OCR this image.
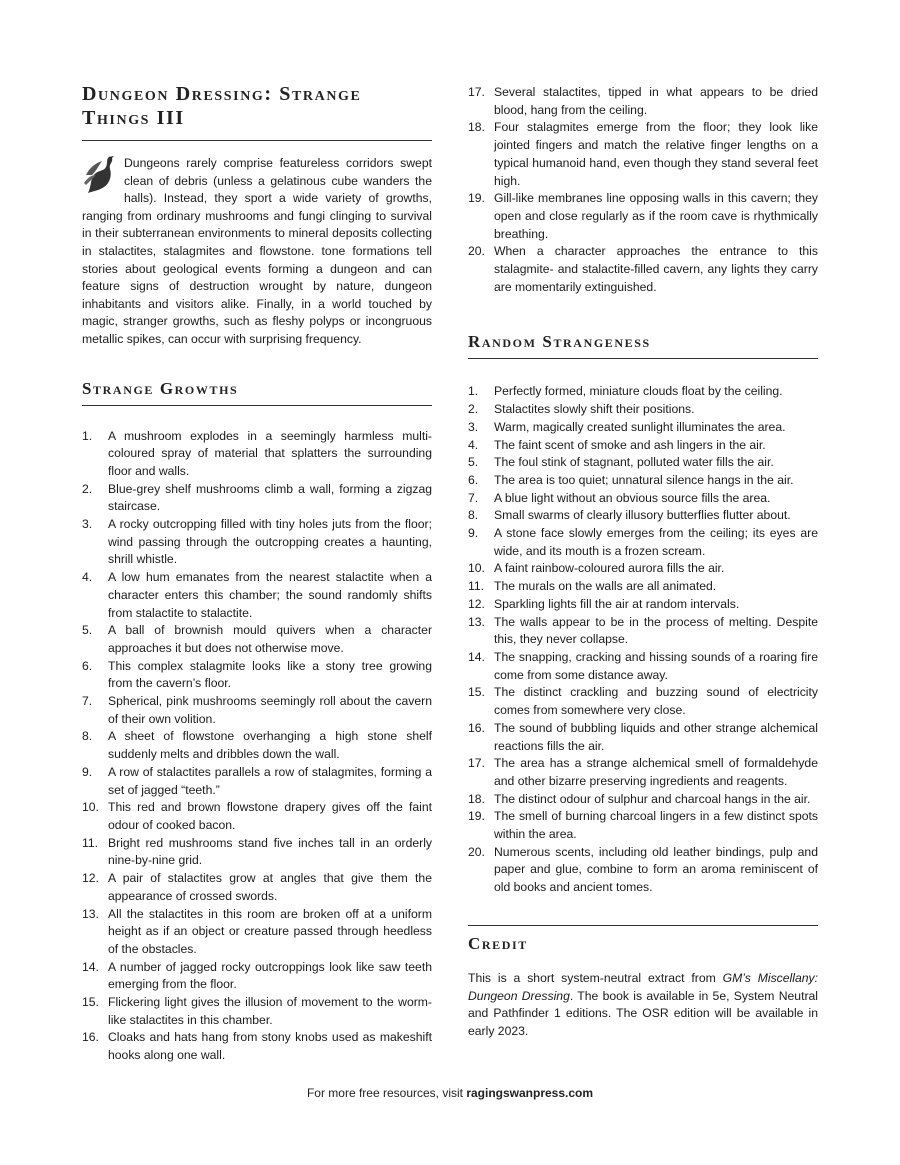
Dungeon Dressing: Strange Things III

Dungeons rarely comprise featureless corridors swept clean of debris (unless a gelatinous cube wanders the halls). Instead, they sport a wide variety of growths, ranging from ordinary mushrooms and fungi clinging to survival in their subterranean environments to mineral deposits collecting in stalactites, stalagmites and flowstone. tone formations tell stories about geological events forming a dungeon and can feature signs of destruction wrought by nature, dungeon inhabitants and visitors alike. Finally, in a world touched by magic, stranger growths, such as fleshy polyps or incongruous metallic spikes, can occur with surprising frequency.

Strange Growths
1.	A mushroom explodes in a seemingly harmless multi-coloured spray of material that splatters the surrounding floor and walls.
2.	Blue-grey shelf mushrooms climb a wall, forming a zigzag staircase.
3.	A rocky outcropping filled with tiny holes juts from the floor; wind passing through the outcropping creates a haunting, shrill whistle.
4.	A low hum emanates from the nearest stalactite when a character enters this chamber; the sound randomly shifts from stalactite to stalactite.
5.	A ball of brownish mould quivers when a character approaches it but does not otherwise move.
6.	This complex stalagmite looks like a stony tree growing from the cavern’s floor.
7.	Spherical, pink mushrooms seemingly roll about the cavern of their own volition.
8.	A sheet of flowstone overhanging a high stone shelf suddenly melts and dribbles down the wall.
9.	A row of stalactites parallels a row of stalagmites, forming a set of jagged “teeth.”
10. This red and brown flowstone drapery gives off the faint odour of cooked bacon.
11. Bright red mushrooms stand five inches tall in an orderly nine-by-nine grid.
12. A pair of stalactites grow at angles that give them the appearance of crossed swords.
13. All the stalactites in this room are broken off at a uniform height as if an object or creature passed through heedless of the obstacles.
14. A number of jagged rocky outcroppings look like saw teeth emerging from the floor.
15. Flickering light gives the illusion of movement to the worm-like stalactites in this chamber.
16. Cloaks and hats hang from stony knobs used as makeshift hooks along one wall.
17. Several stalactites, tipped in what appears to be dried blood, hang from the ceiling.
18. Four stalagmites emerge from the floor; they look like jointed fingers and match the relative finger lengths on a typical humanoid hand, even though they stand several feet high.
19. Gill-like membranes line opposing walls in this cavern; they open and close regularly as if the room cave is rhythmically breathing.
20. When a character approaches the entrance to this stalagmite- and stalactite-filled cavern, any lights they carry are momentarily extinguished.
Random Strangeness
1.	Perfectly formed, miniature clouds float by the ceiling.
2.	Stalactites slowly shift their positions.
3.	Warm, magically created sunlight illuminates the area.
4.	The faint scent of smoke and ash lingers in the air.
5.	The foul stink of stagnant, polluted water fills the air.
6.	The area is too quiet; unnatural silence hangs in the air.
7.	A blue light without an obvious source fills the area.
8.	Small swarms of clearly illusory butterflies flutter about.
9.	A stone face slowly emerges from the ceiling; its eyes are wide, and its mouth is a frozen scream.
10. A faint rainbow-coloured aurora fills the air.
11. The murals on the walls are all animated.
12. Sparkling lights fill the air at random intervals.
13. The walls appear to be in the process of melting. Despite this, they never collapse.
14. The snapping, cracking and hissing sounds of a roaring fire come from some distance away.
15. The distinct crackling and buzzing sound of electricity comes from somewhere very close.
16. The sound of bubbling liquids and other strange alchemical reactions fills the air.
17. The area has a strange alchemical smell of formaldehyde and other bizarre preserving ingredients and reagents.
18. The distinct odour of sulphur and charcoal hangs in the air.
19. The smell of burning charcoal lingers in a few distinct spots within the area.
20. Numerous scents, including old leather bindings, pulp and paper and glue, combine to form an aroma reminiscent of old books and ancient tomes.
Credit

This is a short system-neutral extract from GM’s Miscellany: Dungeon Dressing. The book is available in 5e, System Neutral and Pathfinder 1 editions. The OSR edition will be available in early 2023.

For more free resources, visit ragingswanpress.com
